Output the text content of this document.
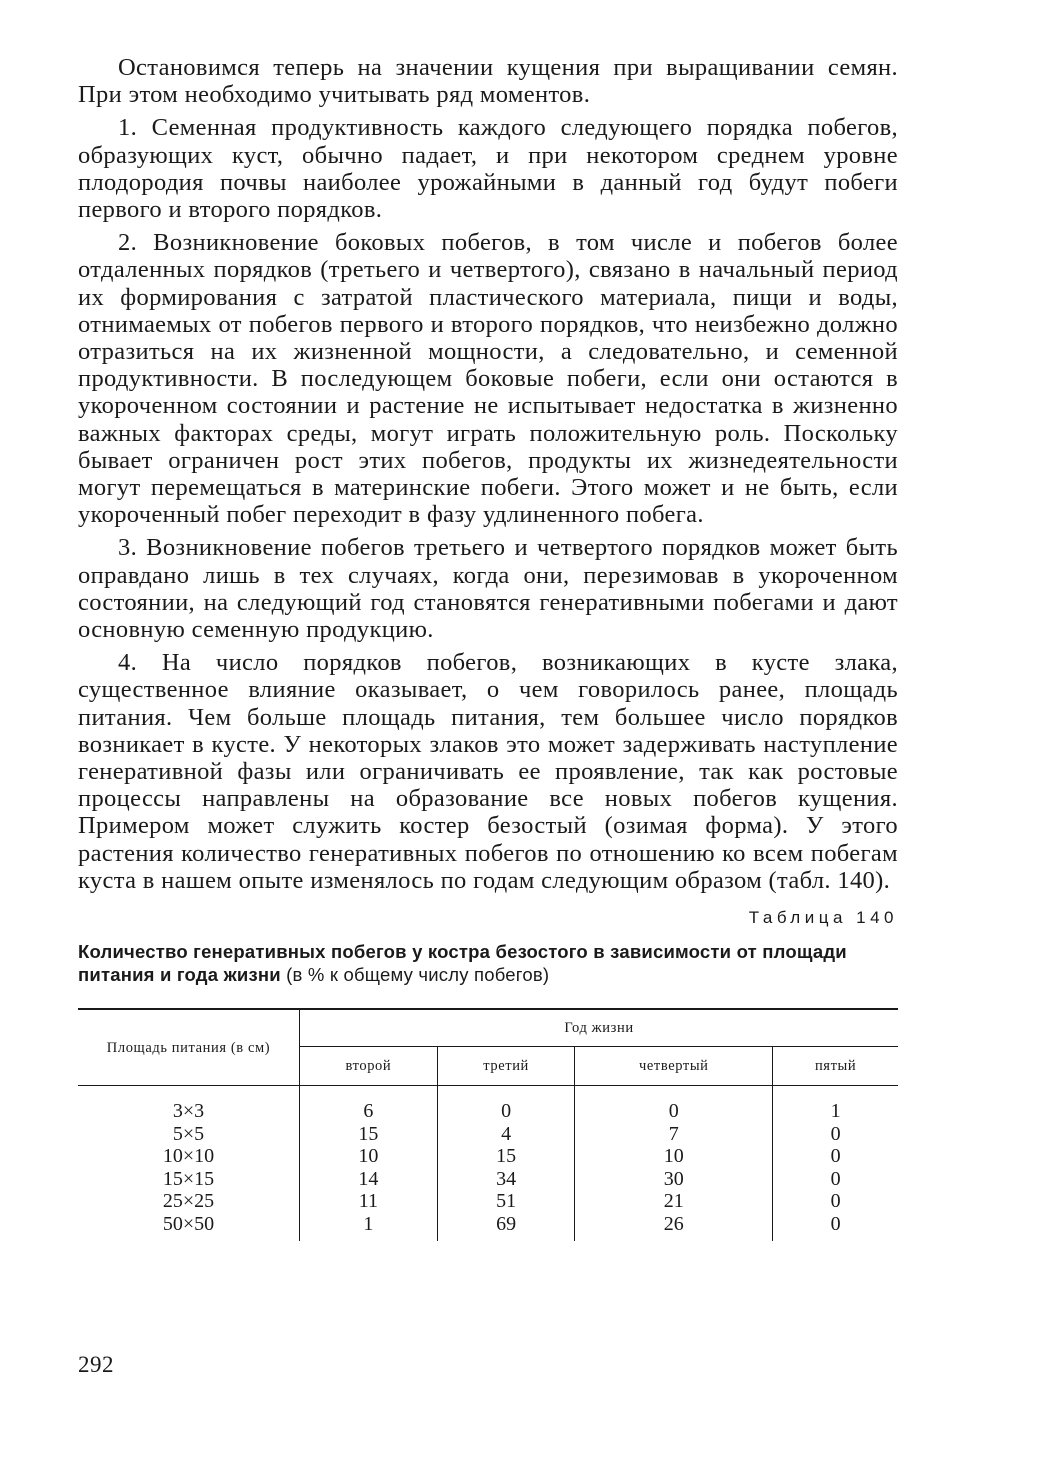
Остановимся теперь на значении кущения при выращивании семян. При этом необходимо учитывать ряд моментов.

1. Семенная продуктивность каждого следующего порядка побегов, образующих куст, обычно падает, и при некотором среднем уровне плодородия почвы наиболее урожайными в данный год будут побеги первого и второго порядков.

2. Возникновение боковых побегов, в том числе и побегов более отдаленных порядков (третьего и четвертого), связано в начальный период их формирования с затратой пластического материала, пищи и воды, отнимаемых от побегов первого и второго порядков, что неизбежно должно отразиться на их жизненной мощности, а следовательно, и семенной продуктивности. В последующем боковые побеги, если они остаются в укороченном состоянии и растение не испытывает недостатка в жизненно важных факторах среды, могут играть положительную роль. Поскольку бывает ограничен рост этих побегов, продукты их жизнедеятельности могут перемещаться в материнские побеги. Этого может и не быть, если укороченный побег переходит в фазу удлиненного побега.

3. Возникновение побегов третьего и четвертого порядков может быть оправдано лишь в тех случаях, когда они, перезимовав в укороченном состоянии, на следующий год становятся генеративными побегами и дают основную семенную продукцию.

4. На число порядков побегов, возникающих в кусте злака, существенное влияние оказывает, о чем говорилось ранее, площадь питания. Чем больше площадь питания, тем большее число порядков возникает в кусте. У некоторых злаков это может задерживать наступление генеративной фазы или ограничивать ее проявление, так как ростовые процессы направлены на образование все новых побегов кущения. Примером может служить костер безостый (озимая форма). У этого растения количество генеративных побегов по отношению ко всем побегам куста в нашем опыте изменялось по годам следующим образом (табл. 140).

Таблица 140
Количество генеративных побегов у костра безостого в зависимости от площади питания и года жизни (в % к общему числу побегов)
Площадь питания (в см)	Год жизни			
	второй	третий	четвертый	пятый
3×3	6	0	0	1
5×5	15	4	7	0
10×10	10	15	10	0
15×15	14	34	30	0
25×25	11	51	21	0
50×50	1	69	26	0
292
